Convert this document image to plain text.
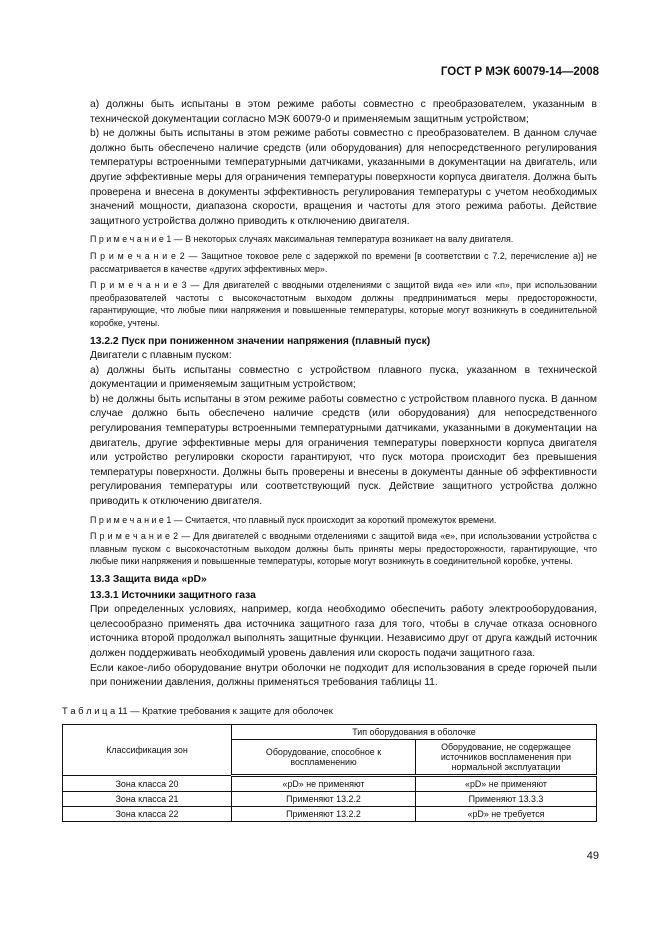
ГОСТ Р МЭК 60079-14—2008

а) должны быть испытаны в этом режиме работы совместно с преобразователем, указанным в технической документации согласно МЭК 60079-0 и применяемым защитным устройством;

b) не должны быть испытаны в этом режиме работы совместно с преобразователем. В данном случае должно быть обеспечено наличие средств (или оборудования) для непосредственного регулирования температуры встроенными температурными датчиками, указанными в документации на двигатель, или другие эффективные меры для ограничения температуры поверхности корпуса двигателя. Должна быть проверена и внесена в документы эффективность регулирования температуры с учетом необходимых значений мощности, диапазона скорости, вращения и частоты для этого режима работы. Действие защитного устройства должно приводить к отключению двигателя.

П р и м е ч а н и е 1 — В некоторых случаях максимальная температура возникает на валу двигателя.

П р и м е ч а н и е 2 — Защитное токовое реле с задержкой по времени [в соответствии с 7.2, перечисление a)] не рассматривается в качестве «других эффективных мер».

П р и м е ч а н и е 3 — Для двигателей с вводными отделениями с защитой вида «е» или «n», при использовании преобразователей частоты с высокочастотным выходом должны предприниматься меры предосторожности, гарантирующие, что любые пики напряжения и повышенные температуры, которые могут возникнуть в соединительной коробке, учтены.

13.2.2 Пуск при пониженном значении напряжения (плавный пуск)

Двигатели с плавным пуском:

а) должны быть испытаны совместно с устройством плавного пуска, указанном в технической документации и применяемым защитным устройством;

b) не должны быть испытаны в этом режиме работы совместно с устройством плавного пуска. В данном случае должно быть обеспечено наличие средств (или оборудования) для непосредственного регулирования температуры встроенными температурными датчиками, указанными в документации на двигатель, другие эффективные меры для ограничения температуры поверхности корпуса двигателя или устройство регулировки скорости гарантируют, что пуск мотора происходит без превышения температуры поверхности. Должны быть проверены и внесены в документы данные об эффективности регулирования температуры или соответствующий пуск. Действие защитного устройства должно приводить к отключению двигателя.

П р и м е ч а н и е 1 — Считается, что плавный пуск происходит за короткий промежуток времени.

П р и м е ч а н и е 2 — Для двигателей с вводными отделениями с защитой вида «е», при использовании устройства с плавным пуском с высокочастотным выходом должны быть приняты меры предосторожности, гарантирующие, что любые пики напряжения и повышенные температуры, которые могут возникнуть в соединительной коробке, учтены.

13.3 Защита вида «pD»

13.3.1 Источники защитного газа

При определенных условиях, например, когда необходимо обеспечить работу электрооборудования, целесообразно применять два источника защитного газа для того, чтобы в случае отказа основного источника второй продолжал выполнять защитные функции. Независимо друг от друга каждый источник должен поддерживать необходимый уровень давления или скорость подачи защитного газа.

Если какое-либо оборудование внутри оболочки не подходит для использования в среде горючей пыли при понижении давления, должны применяться требования таблицы 11.

Т а б л и ц а 11 — Краткие требования к защите для оболочек
Классификация зон	Тип оборудования в оболочке	
	Оборудование, способное к воспламенению	Оборудование, не содержащее источников воспламенения при нормальной эксплуатации
Зона класса 20	«pD» не применяют	«pD» не применяют
Зона класса 21	Применяют 13.2.2	Применяют 13.3.3
Зона класса 22	Применяют 13.2.2	«pD» не требуется
49
